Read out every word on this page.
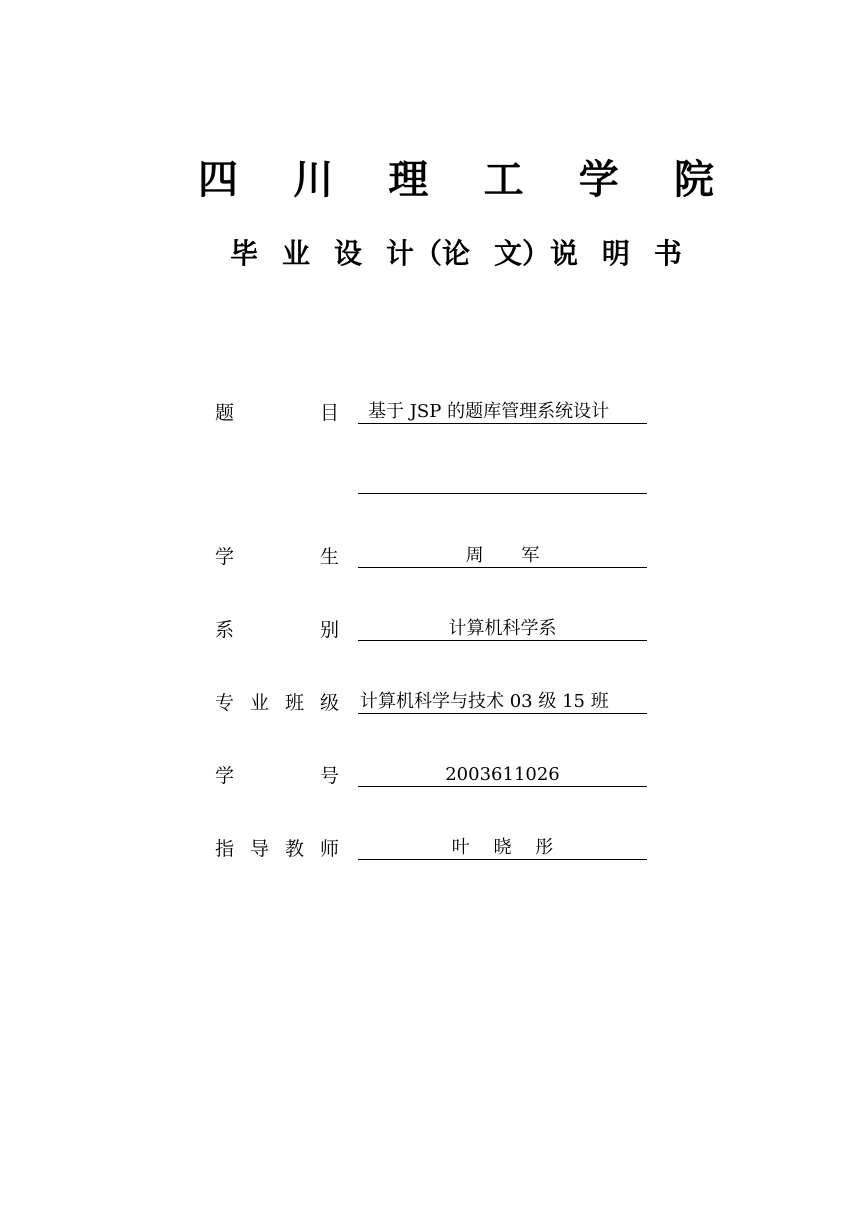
四 川 理 工 学 院
毕 业 设 计（论 文）说 明 书
题	目 基于 JSP 的题库管理系统设计
学	生	周 军
系	别	计算机科学系
专 业 班 级 计算机科学与技术 03 级 15 班
学	号	2003611026
指 导 教 师	叶 晓 彤
